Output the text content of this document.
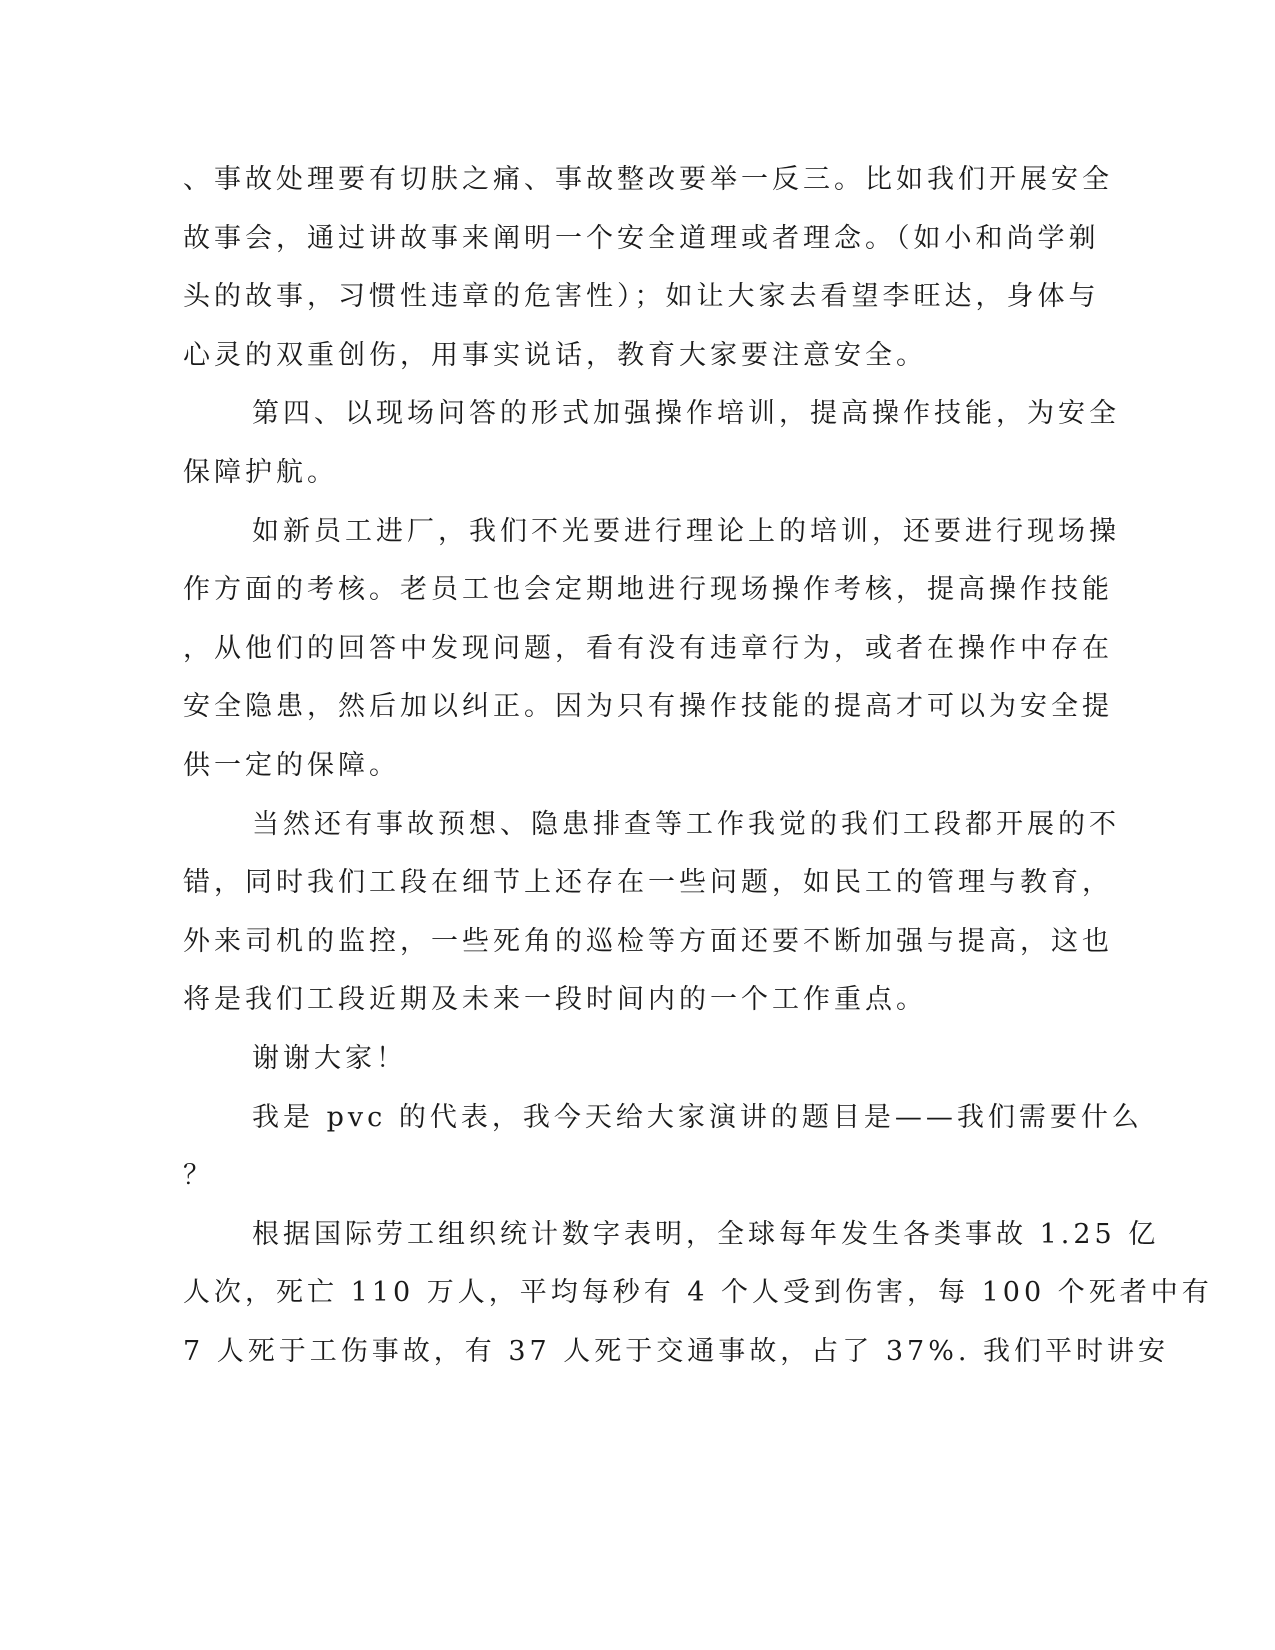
、事故处理要有切肤之痛、事故整改要举一反三。比如我们开展安全
故事会，通过讲故事来阐明一个安全道理或者理念。（如小和尚学剃
头的故事，习惯性违章的危害性）；如让大家去看望李旺达，身体与
心灵的双重创伤，用事实说话，教育大家要注意安全。
第四、以现场问答的形式加强操作培训，提高操作技能，为安全
保障护航。
如新员工进厂，我们不光要进行理论上的培训，还要进行现场操
作方面的考核。老员工也会定期地进行现场操作考核，提高操作技能
，从他们的回答中发现问题，看有没有违章行为，或者在操作中存在
安全隐患，然后加以纠正。因为只有操作技能的提高才可以为安全提
供一定的保障。
当然还有事故预想、隐患排查等工作我觉的我们工段都开展的不
错，同时我们工段在细节上还存在一些问题，如民工的管理与教育，
外来司机的监控，一些死角的巡检等方面还要不断加强与提高，这也
将是我们工段近期及未来一段时间内的一个工作重点。
谢谢大家！
我是 pvc 的代表，我今天给大家演讲的题目是——我们需要什么
？
根据国际劳工组织统计数字表明，全球每年发生各类事故 1.25 亿
人次，死亡 110 万人，平均每秒有 4 个人受到伤害，每 100 个死者中有
7 人死于工伤事故，有 37 人死于交通事故，占了 37%. 我们平时讲安
